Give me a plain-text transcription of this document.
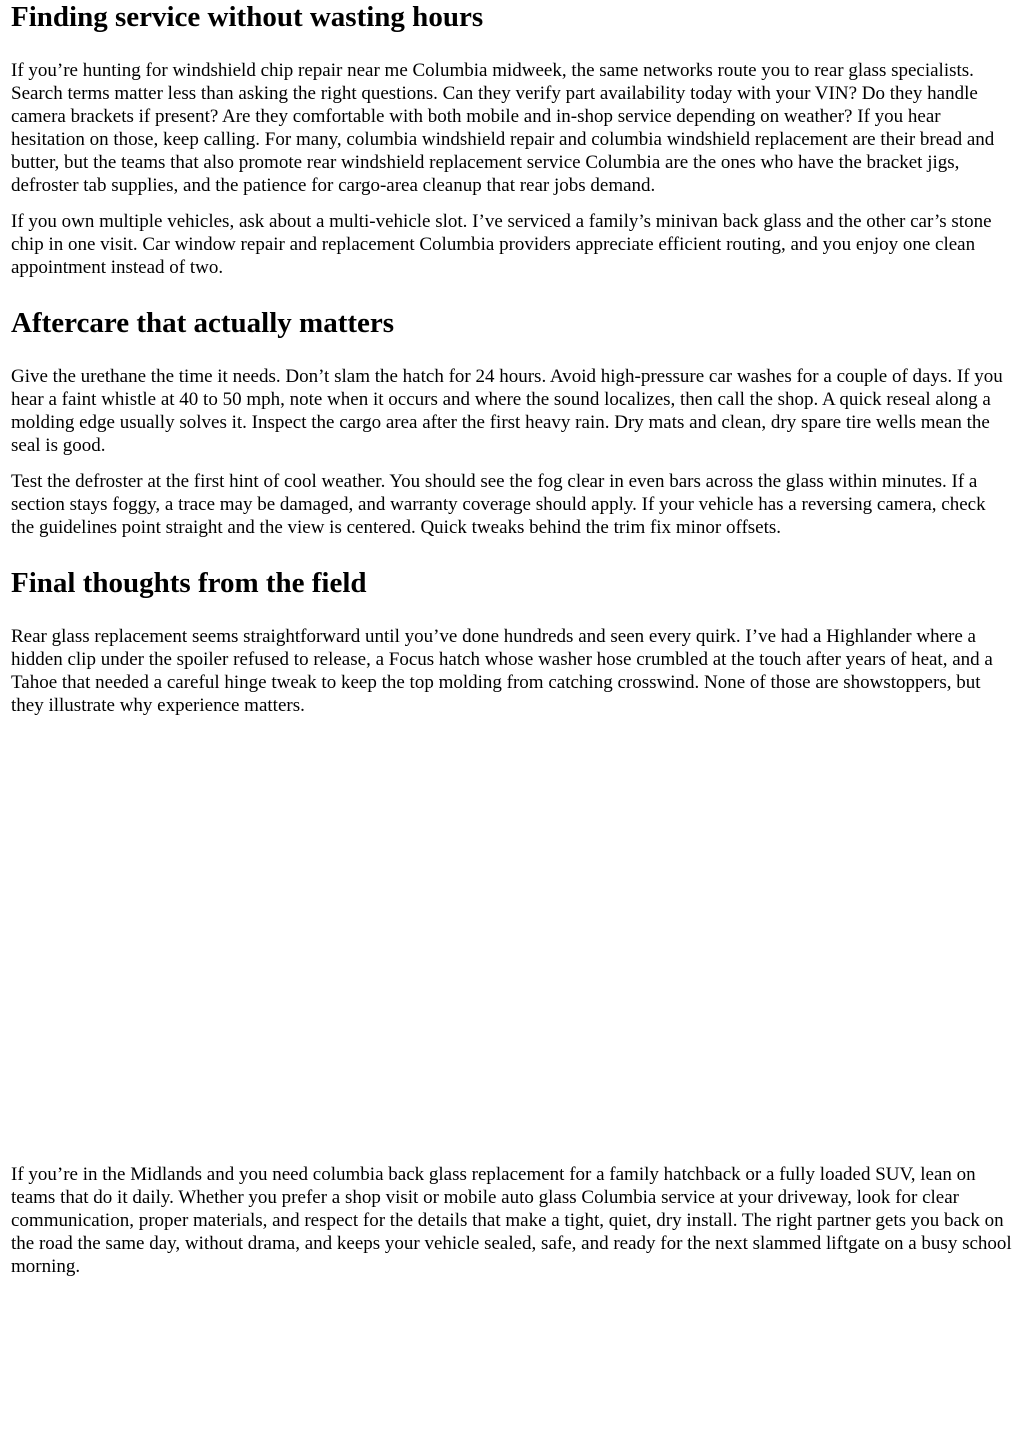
Finding service without wasting hours

If you’re hunting for windshield chip repair near me Columbia midweek, the same networks route you to rear glass specialists. Search terms matter less than asking the right questions. Can they verify part availability today with your VIN? Do they handle camera brackets if present? Are they comfortable with both mobile and in-shop service depending on weather? If you hear hesitation on those, keep calling. For many, columbia windshield repair and columbia windshield replacement are their bread and butter, but the teams that also promote rear windshield replacement service Columbia are the ones who have the bracket jigs, defroster tab supplies, and the patience for cargo-area cleanup that rear jobs demand.

If you own multiple vehicles, ask about a multi-vehicle slot. I’ve serviced a family’s minivan back glass and the other car’s stone chip in one visit. Car window repair and replacement Columbia providers appreciate efficient routing, and you enjoy one clean appointment instead of two.

Aftercare that actually matters

Give the urethane the time it needs. Don’t slam the hatch for 24 hours. Avoid high-pressure car washes for a couple of days. If you hear a faint whistle at 40 to 50 mph, note when it occurs and where the sound localizes, then call the shop. A quick reseal along a molding edge usually solves it. Inspect the cargo area after the first heavy rain. Dry mats and clean, dry spare tire wells mean the seal is good.

Test the defroster at the first hint of cool weather. You should see the fog clear in even bars across the glass within minutes. If a section stays foggy, a trace may be damaged, and warranty coverage should apply. If your vehicle has a reversing camera, check the guidelines point straight and the view is centered. Quick tweaks behind the trim fix minor offsets.

Final thoughts from the field

Rear glass replacement seems straightforward until you’ve done hundreds and seen every quirk. I’ve had a Highlander where a hidden clip under the spoiler refused to release, a Focus hatch whose washer hose crumbled at the touch after years of heat, and a Tahoe that needed a careful hinge tweak to keep the top molding from catching crosswind. None of those are showstoppers, but they illustrate why experience matters.

If you’re in the Midlands and you need columbia back glass replacement for a family hatchback or a fully loaded SUV, lean on teams that do it daily. Whether you prefer a shop visit or mobile auto glass Columbia service at your driveway, look for clear communication, proper materials, and respect for the details that make a tight, quiet, dry install. The right partner gets you back on the road the same day, without drama, and keeps your vehicle sealed, safe, and ready for the next slammed liftgate on a busy school morning.
